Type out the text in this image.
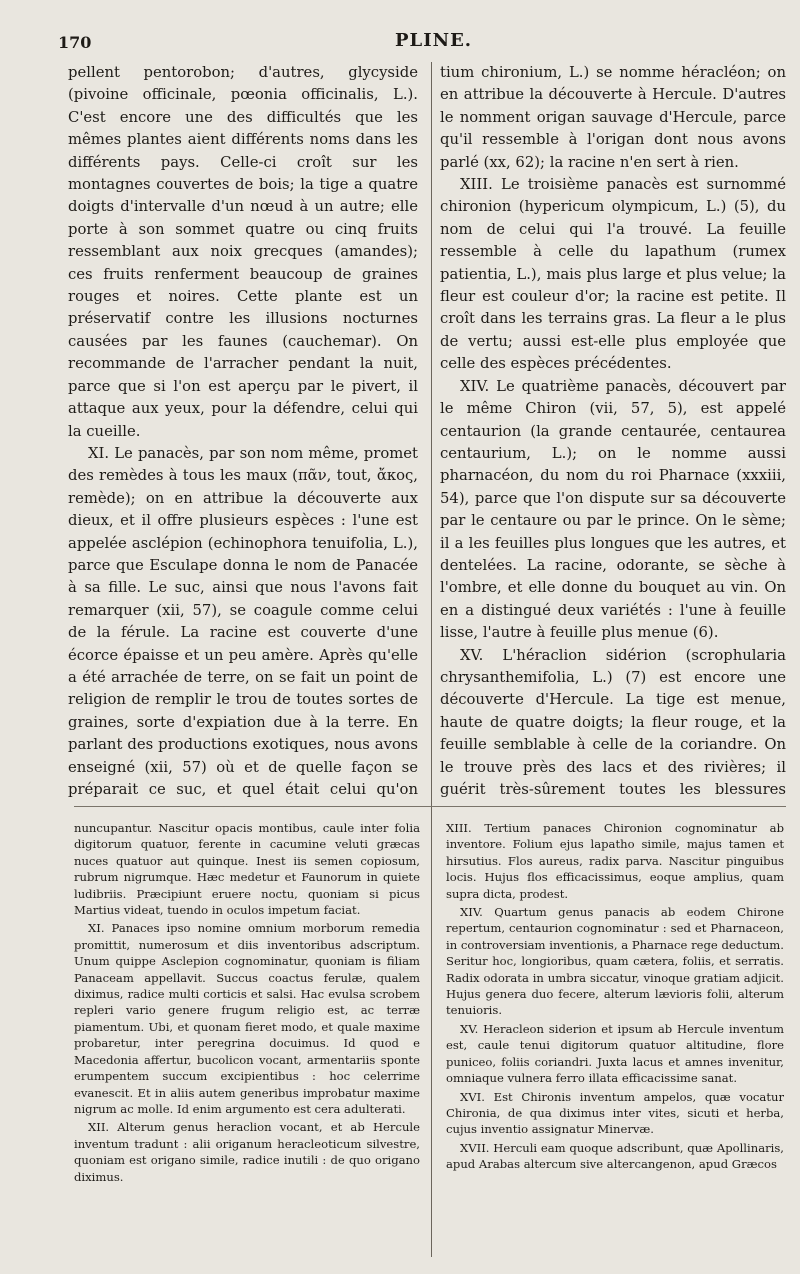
170	PLINE.

pellent pentorobon; d'autres, glycyside (pivoine officinale, pœonia officinalis, L.). C'est encore une des difficultés que les mêmes plantes aient différents noms dans les différents pays. Celle-ci croît sur les montagnes couvertes de bois; la tige a quatre doigts d'intervalle d'un nœud à un autre; elle porte à son sommet quatre ou cinq fruits ressemblant aux noix grecques (amandes); ces fruits renferment beaucoup de graines rouges et noires. Cette plante est un préservatif contre les illusions nocturnes causées par les faunes (cauchemar). On recommande de l'arracher pendant la nuit, parce que si l'on est aperçu par le pivert, il attaque aux yeux, pour la défendre, celui qui la cueille.

XI. Le panacès, par son nom même, promet des remèdes à tous les maux (πᾶν, tout, ἄκος, remède); on en attribue la découverte aux dieux, et il offre plusieurs espèces : l'une est appelée asclépion (echinophora tenuifolia, L.), parce que Esculape donna le nom de Panacée à sa fille. Le suc, ainsi que nous l'avons fait remarquer (xii, 57), se coagule comme celui de la férule. La racine est couverte d'une écorce épaisse et un peu amère. Après qu'elle a été arrachée de terre, on se fait un point de religion de remplir le trou de toutes sortes de graines, sorte d'expiation due à la terre. En parlant des productions exotiques, nous avons enseigné (xii, 57) où et de quelle façon se préparait ce suc, et quel était celui qu'on

tium chironium, L.) se nomme héracléon; on en attribue la découverte à Hercule. D'autres le nomment origan sauvage d'Hercule, parce qu'il ressemble à l'origan dont nous avons parlé (xx, 62); la racine n'en sert à rien.

XIII. Le troisième panacès est surnommé chironion (hypericum olympicum, L.) (5), du nom de celui qui l'a trouvé. La feuille ressemble à celle du lapathum (rumex patientia, L.), mais plus large et plus velue; la fleur est couleur d'or; la racine est petite. Il croît dans les terrains gras. La fleur a le plus de vertu; aussi est-elle plus employée que celle des espèces précédentes.

XIV. Le quatrième panacès, découvert par le même Chiron (vii, 57, 5), est appelé centaurion (la grande centaurée, centaurea centaurium, L.); on le nomme aussi pharnacéon, du nom du roi Pharnace (xxxiii, 54), parce que l'on dispute sur sa découverte par le centaure ou par le prince. On le sème; il a les feuilles plus longues que les autres, et dentelées. La racine, odorante, se sèche à l'ombre, et elle donne du bouquet au vin. On en a distingué deux variétés : l'une à feuille lisse, l'autre à feuille plus menue (6).

XV. L'héraclion sidérion (scrophularia chrysanthemifolia, L.) (7) est encore une découverte d'Hercule. La tige est menue, haute de quatre doigts; la fleur rouge, et la feuille semblable à celle de la coriandre. On le trouve près des lacs et des rivières; il guérit très-sûrement toutes les blessures

nuncupantur. Nascitur opacis montibus, caule inter folia digitorum quatuor, ferente in cacumine veluti græcas nuces quatuor aut quinque. Inest iis semen copiosum, rubrum nigrumque. Hæc medetur et Faunorum in quiete ludibriis. Præcipiunt eruere noctu, quoniam si picus Martius videat, tuendo in oculos impetum faciat.

XI. Panaces ipso nomine omnium morborum remedia promittit, numerosum et diis inventoribus adscriptum. Unum quippe Asclepion cognominatur, quoniam is filiam Panaceam appellavit. Succus coactus ferulæ, qualem diximus, radice multi corticis et salsi. Hac evulsa scrobem repleri vario genere frugum religio est, ac terræ piamentum. Ubi, et quonam fieret modo, et quale maxime probaretur, inter peregrina docuimus. Id quod e Macedonia affertur, bucolicon vocant, armentariis sponte erumpentem succum excipientibus : hoc celerrime evanescit. Et in aliis autem generibus improbatur maxime nigrum ac molle. Id enim argumento est cera adulterati.

XII. Alterum genus heraclion vocant, et ab Hercule inventum tradunt : alii origanum heracleoticum silvestre, quoniam est origano simile, radice inutili : de quo origano diximus.

XIII. Tertium panaces Chironion cognominatur ab inventore. Folium ejus lapatho simile, majus tamen et hirsutius. Flos aureus, radix parva. Nascitur pinguibus locis. Hujus flos efficacissimus, eoque amplius, quam supra dicta, prodest.

XIV. Quartum genus panacis ab eodem Chirone repertum, centaurion cognominatur : sed et Pharnaceon, in controversiam inventionis, a Pharnace rege deductum. Seritur hoc, longioribus, quam cætera, foliis, et serratis. Radix odorata in umbra siccatur, vinoque gratiam adjicit. Hujus genera duo fecere, alterum lævioris folii, alterum tenuioris.

XV. Heracleon siderion et ipsum ab Hercule inventum est, caule tenui digitorum quatuor altitudine, flore puniceo, foliis coriandri. Juxta lacus et amnes invenitur, omniaque vulnera ferro illata efficacissime sanat.

XVI. Est Chironis inventum ampelos, quæ vocatur Chironia, de qua diximus inter vites, sicuti et herba, cujus inventio assignatur Minervæ.

XVII. Herculi eam quoque adscribunt, quæ Apollinaris, apud Arabas altercum sive altercangenon, apud Græcos
